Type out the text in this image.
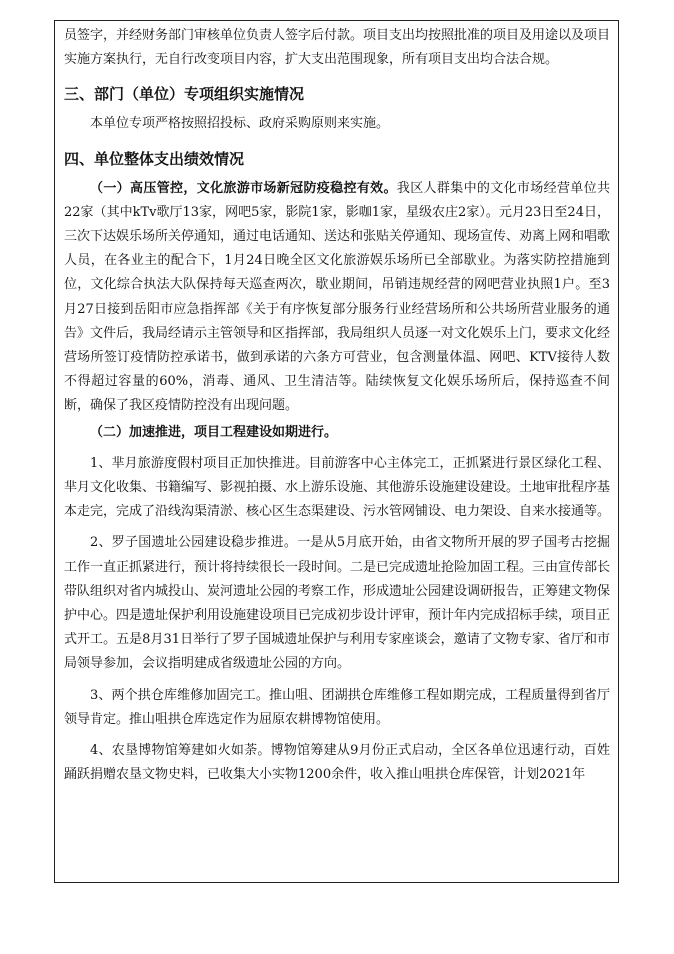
员签字，并经财务部门审核单位负责人签字后付款。项目支出均按照批准的项目及用途以及项目实施方案执行，无自行改变项目内容，扩大支出范围现象，所有项目支出均合法合规。

三、部门（单位）专项组织实施情况

本单位专项严格按照招投标、政府采购原则来实施。

四、单位整体支出绩效情况

（一）高压管控，文化旅游市场新冠防疫稳控有效。我区人群集中的文化市场经营单位共22家（其中kTv歌厅13家，网吧5家，影院1家，影咖1家，星级农庄2家）。元月23日至24日，三次下达娱乐场所关停通知，通过电话通知、送达和张贴关停通知、现场宣传、劝离上网和唱歌人员，在各业主的配合下，1月24日晚全区文化旅游娱乐场所已全部歇业。为落实防控措施到位，文化综合执法大队保持每天巡查两次，歇业期间，吊销违规经营的网吧营业执照1户。至3月27日接到岳阳市应急指挥部《关于有序恢复部分服务行业经营场所和公共场所营业服务的通告》文件后，我局经请示主管领导和区指挥部，我局组织人员逐一对文化娱乐上门，要求文化经营场所签订疫情防控承诺书，做到承诺的六条方可营业，包含测量体温、网吧、KTV接待人数不得超过容量的60%，消毒、通风、卫生清洁等。陆续恢复文化娱乐场所后，保持巡查不间断，确保了我区疫情防控没有出现问题。

（二）加速推进，项目工程建设如期进行。

1、芈月旅游度假村项目正加快推进。目前游客中心主体完工，正抓紧进行景区绿化工程、芈月文化收集、书籍编写、影视拍摄、水上游乐设施、其他游乐设施建设建设。土地审批程序基本走完，完成了沿线沟渠清淤、核心区生态渠建设、污水管网铺设、电力架设、自来水接通等。

2、罗子国遗址公园建设稳步推进。一是从5月底开始，由省文物所开展的罗子国考古挖掘工作一直正抓紧进行，预计将持续很长一段时间。二是已完成遗址抢险加固工程。三由宣传部长带队组织对省内城投山、炭河遗址公园的考察工作，形成遗址公园建设调研报告，正筹建文物保护中心。四是遗址保护利用设施建设项目已完成初步设计评审，预计年内完成招标手续，项目正式开工。五是8月31日举行了罗子国城遗址保护与利用专家座谈会，邀请了文物专家、省厅和市局领导参加，会议指明建成省级遗址公园的方向。

3、两个拱仓库维修加固完工。推山咀、团湖拱仓库维修工程如期完成，工程质量得到省厅领导肯定。推山咀拱仓库选定作为屈原农耕博物馆使用。

4、农垦博物馆筹建如火如荼。博物馆筹建从9月份正式启动，全区各单位迅速行动，百姓踊跃捐赠农垦文物史料，已收集大小实物1200余件，收入推山咀拱仓库保管，计划2021年
